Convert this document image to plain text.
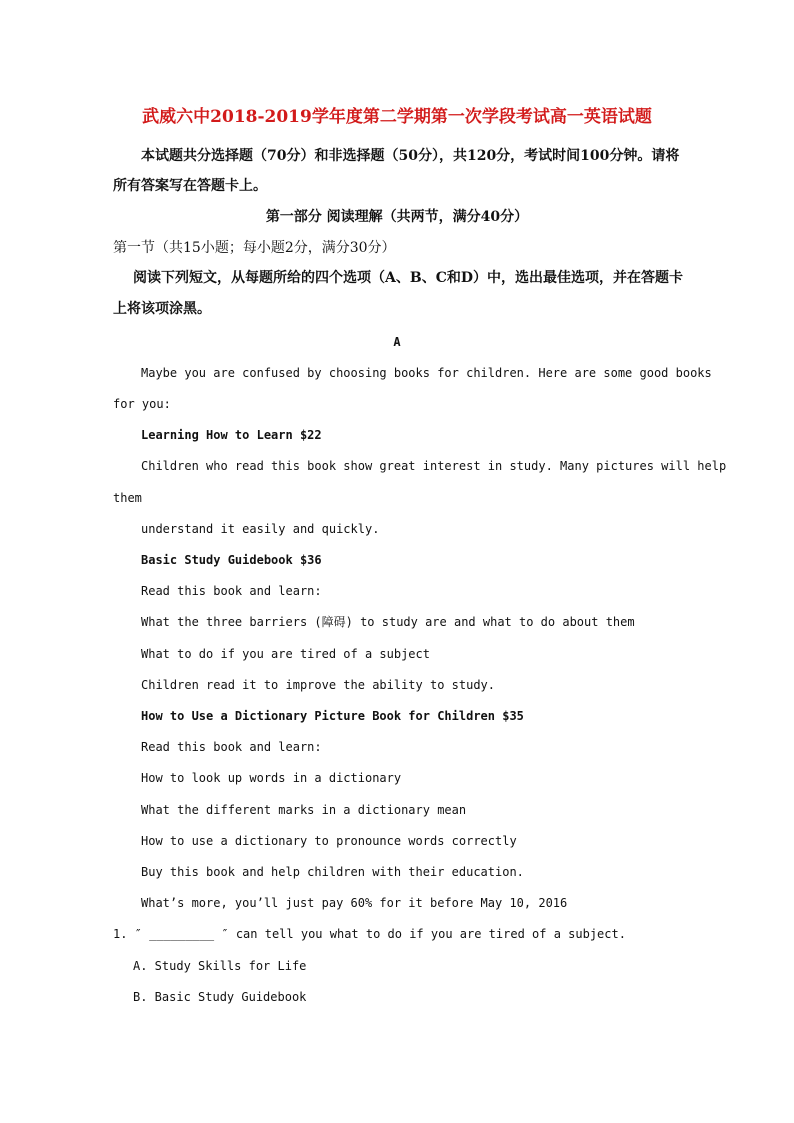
武威六中2018-2019学年度第二学期第一次学段考试高一英语试题
本试题共分选择题（70分）和非选择题（50分），共120分，考试时间100分钟。请将
所有答案写在答题卡上。
第一部分 阅读理解（共两节，满分40分）
第一节（共15小题；每小题2分，满分30分）
阅读下列短文，从每题所给的四个选项（A、B、C和D）中，选出最佳选项，并在答题卡
上将该项涂黑。
A
Maybe you are confused by choosing books for children. Here are some good books
for you:
Learning How to Learn $22
Children who read this book show great interest in study. Many pictures will help
them
understand it easily and quickly.
Basic Study Guidebook $36
Read this book and learn:
What the three barriers (障碍) to study are and what to do about them
What to do if you are tired of a subject
Children read it to improve the ability to study.
How to Use a Dictionary Picture Book for Children $35
Read this book and learn:
How to look up words in a dictionary
What the different marks in a dictionary mean
How to use a dictionary to pronounce words correctly
Buy this book and help children with their education.
What’s more, you’ll just pay 60% for it before May 10, 2016
1. ″ _________ ″ can tell you what to do if you are tired of a subject.
A. Study Skills for Life
B. Basic Study Guidebook
